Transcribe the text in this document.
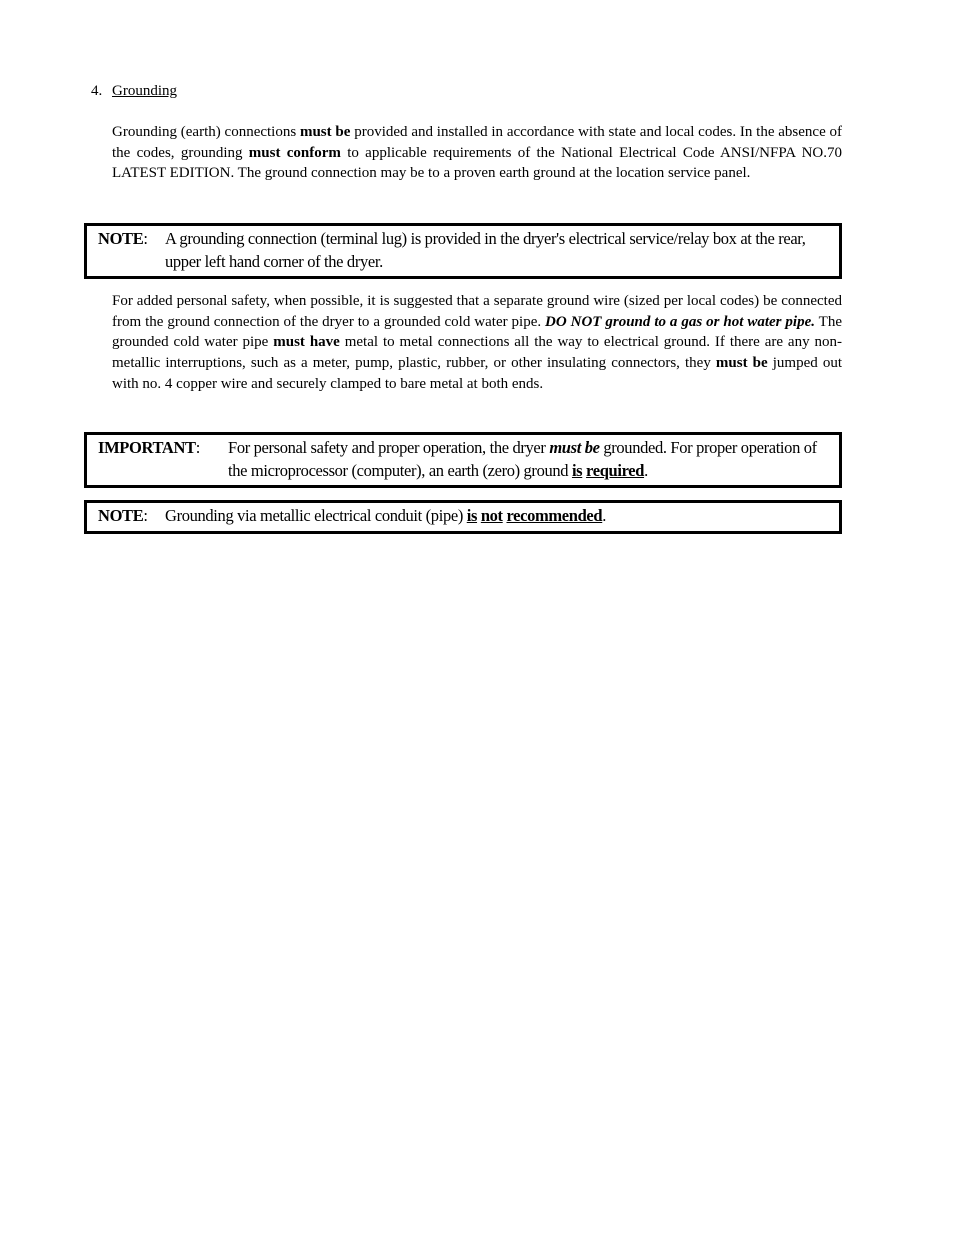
4. Grounding
Grounding (earth) connections must be provided and installed in accordance with state and local codes. In the absence of the codes, grounding must conform to applicable requirements of the National Electrical Code ANSI/NFPA NO.70 LATEST EDITION. The ground connection may be to a proven earth ground at the location service panel.
NOTE:	A grounding connection (terminal lug) is provided in the dryer's electrical service/relay box at the rear, upper left hand corner of the dryer.
For added personal safety, when possible, it is suggested that a separate ground wire (sized per local codes) be connected from the ground connection of the dryer to a grounded cold water pipe. DO NOT ground to a gas or hot water pipe. The grounded cold water pipe must have metal to metal connections all the way to electrical ground. If there are any non-metallic interruptions, such as a meter, pump, plastic, rubber, or other insulating connectors, they must be jumped out with no. 4 copper wire and securely clamped to bare metal at both ends.
IMPORTANT:	For personal safety and proper operation, the dryer must be grounded. For proper operation of the microprocessor (computer), an earth (zero) ground is required.
NOTE:	Grounding via metallic electrical conduit (pipe) is not recommended.
